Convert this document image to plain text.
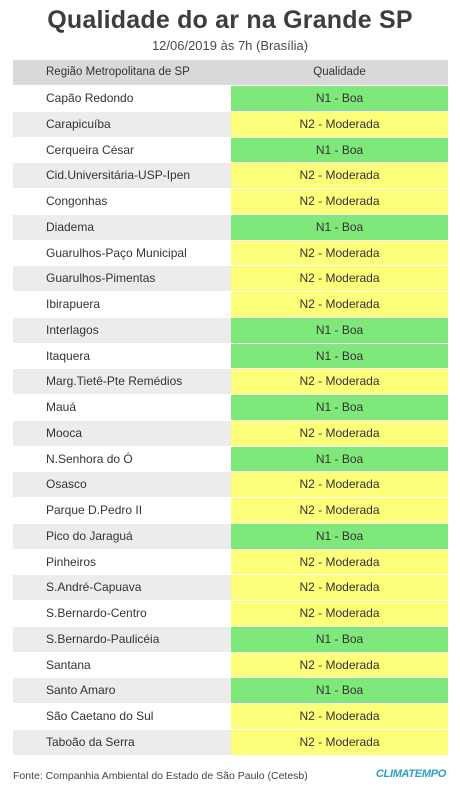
Qualidade do ar na Grande SP
12/06/2019 às 7h (Brasília)
Região Metropolitana de SP	Qualidade
Capão Redondo	N1 - Boa
Carapicuíba	N2 - Moderada
Cerqueira César	N1 - Boa
Cid.Universitária-USP-Ipen	N2 - Moderada
Congonhas	N2 - Moderada
Diadema	N1 - Boa
Guarulhos-Paço Municipal	N2 - Moderada
Guarulhos-Pimentas	N2 - Moderada
Ibirapuera	N2 - Moderada
Interlagos	N1 - Boa
Itaquera	N1 - Boa
Marg.Tietê-Pte Remédios	N2 - Moderada
Mauá	N1 - Boa
Mooca	N2 - Moderada
N.Senhora do Ó	N1 - Boa
Osasco	N2 - Moderada
Parque D.Pedro II	N2 - Moderada
Pico do Jaraguá	N1 - Boa
Pinheiros	N2 - Moderada
S.André-Capuava	N2 - Moderada
S.Bernardo-Centro	N2 - Moderada
S.Bernardo-Paulicéia	N1 - Boa
Santana	N2 - Moderada
Santo Amaro	N1 - Boa
São Caetano do Sul	N2 - Moderada
Taboão da Serra	N2 - Moderada
Fonte: Companhia Ambiental do Estado de São Paulo (Cetesb)	CLIMATEMPO
